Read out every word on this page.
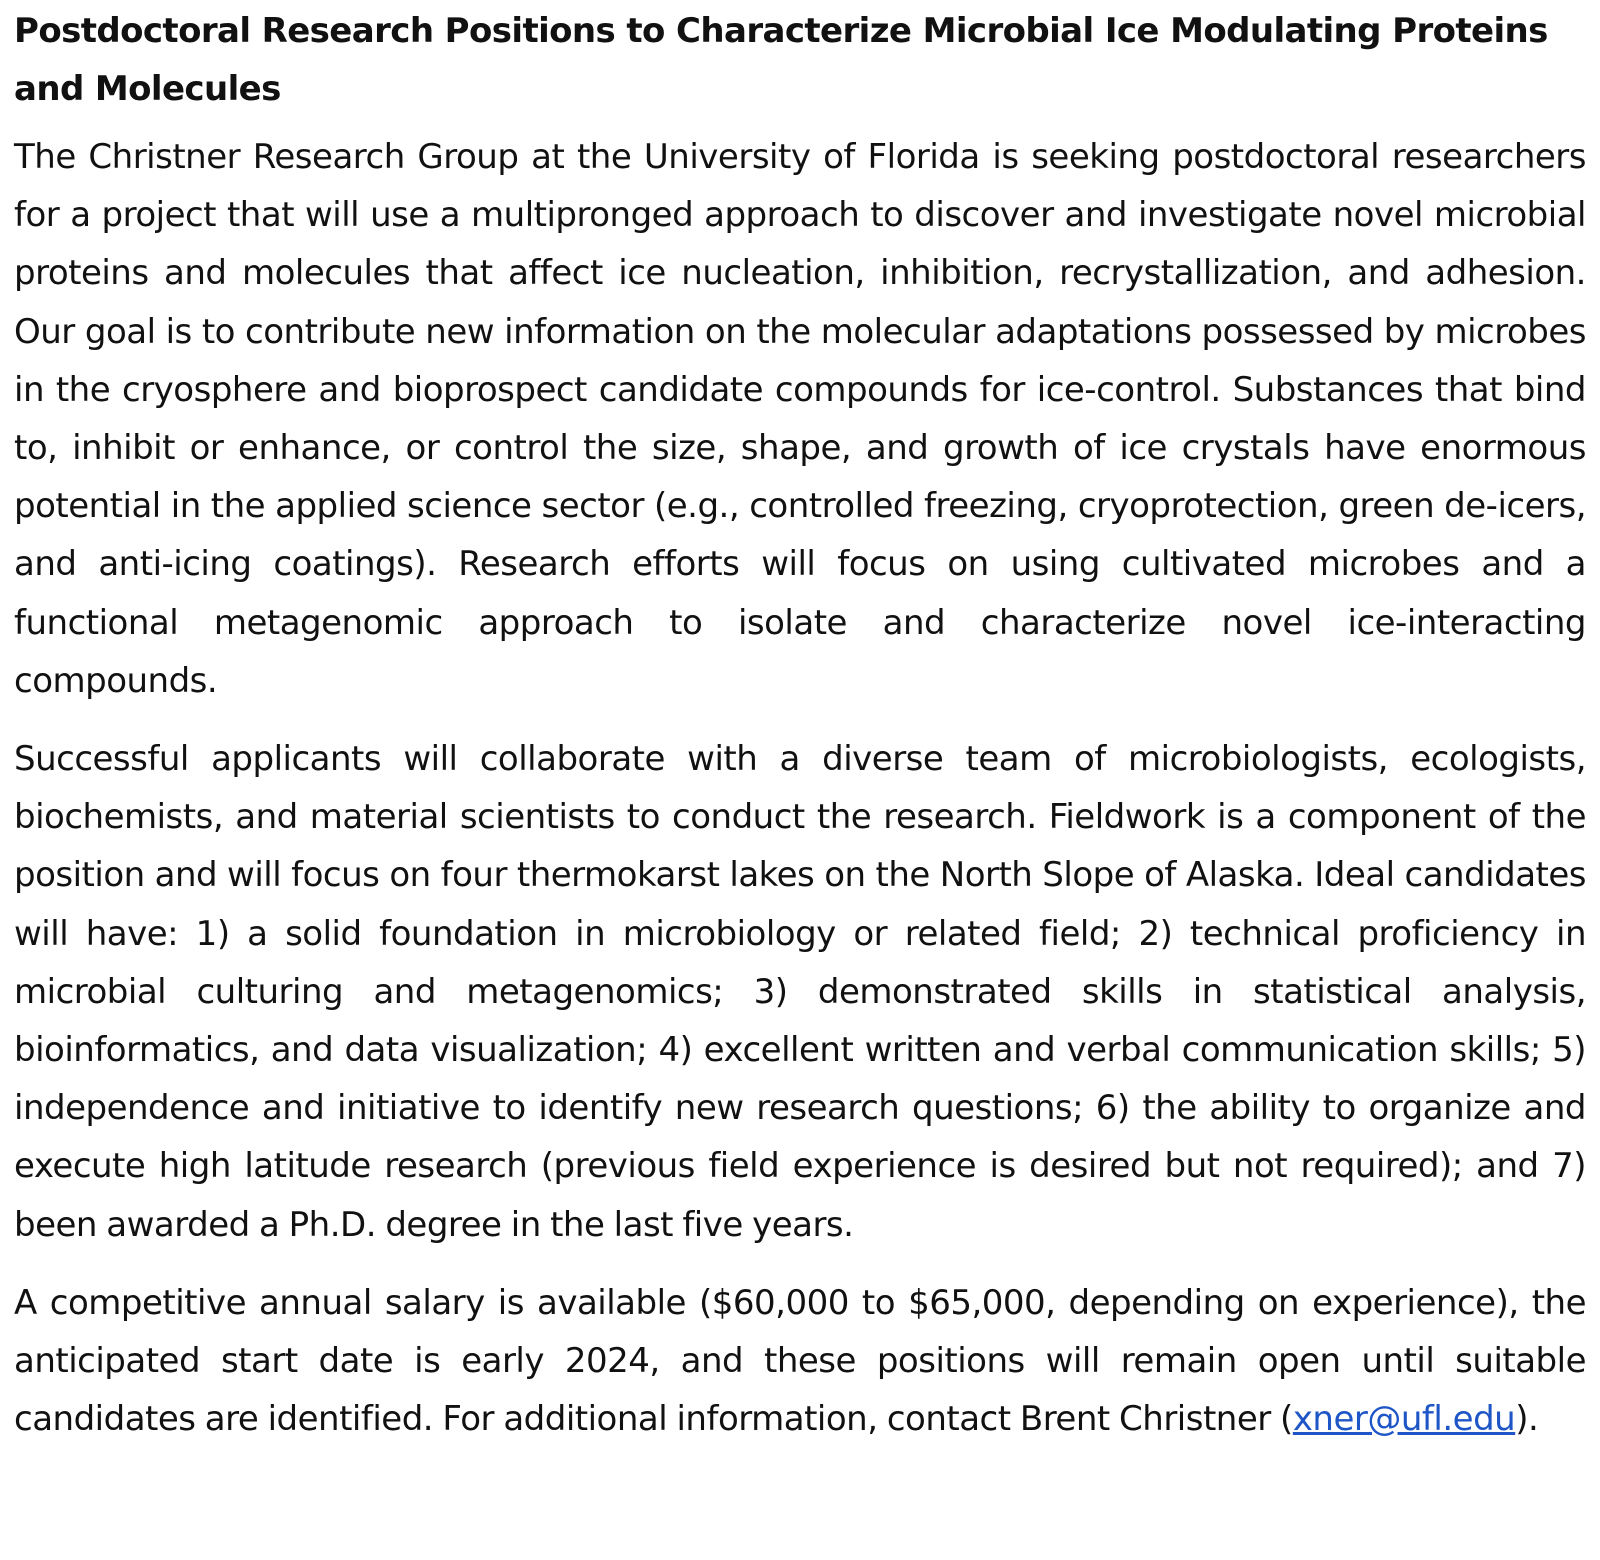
Postdoctoral Research Positions to Characterize Microbial Ice Modulating Proteins and Molecules

The Christner Research Group at the University of Florida is seeking postdoctoral researchers for a project that will use a multipronged approach to discover and investigate novel microbial proteins and molecules that affect ice nucleation, inhibition, recrystallization, and adhesion. Our goal is to contribute new information on the molecular adaptations possessed by microbes in the cryosphere and bioprospect candidate compounds for ice-control. Substances that bind to, inhibit or enhance, or control the size, shape, and growth of ice crystals have enormous potential in the applied science sector (e.g., controlled freezing, cryoprotection, green de-icers, and anti-icing coatings). Research efforts will focus on using cultivated microbes and a functional metagenomic approach to isolate and characterize novel ice-interacting compounds.

Successful applicants will collaborate with a diverse team of microbiologists, ecologists, biochemists, and material scientists to conduct the research. Fieldwork is a component of the position and will focus on four thermokarst lakes on the North Slope of Alaska. Ideal candidates will have: 1) a solid foundation in microbiology or related field; 2) technical proficiency in microbial culturing and metagenomics; 3) demonstrated skills in statistical analysis, bioinformatics, and data visualization; 4) excellent written and verbal communication skills; 5) independence and initiative to identify new research questions; 6) the ability to organize and execute high latitude research (previous field experience is desired but not required); and 7) been awarded a Ph.D. degree in the last five years.

A competitive annual salary is available ($60,000 to $65,000, depending on experience), the anticipated start date is early 2024, and these positions will remain open until suitable candidates are identified. For additional information, contact Brent Christner (xner@ufl.edu).
